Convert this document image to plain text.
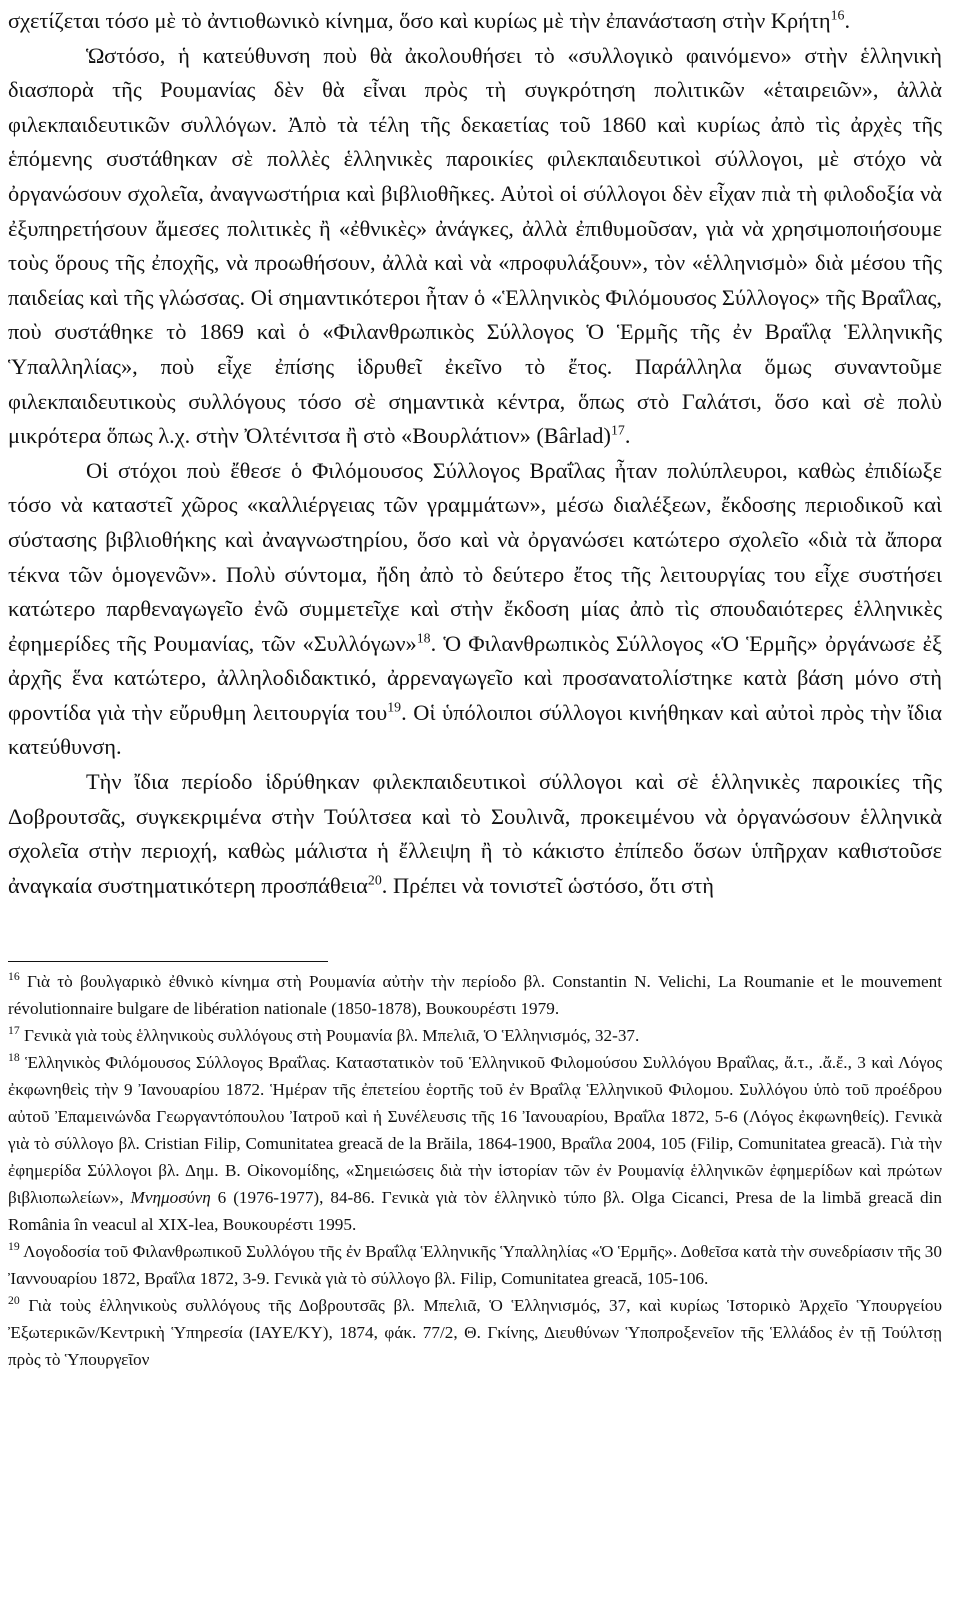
σχετίζεται τόσο μὲ τὸ ἀντιοθωνικὸ κίνημα, ὅσο καὶ κυρίως μὲ τὴν ἐπανάσταση στὴν Κρήτη$^{16}$.

Ὡστόσο, ἡ κατεύθυνση ποὺ θὰ ἀκολουθήσει τὸ «συλλογικὸ φαινόμενο» στὴν ἑλληνικὴ διασπορὰ τῆς Ρουμανίας δὲν θὰ εἶναι πρὸς τὴ συγκρότηση πολιτικῶν «ἑταιρειῶν», ἀλλὰ φιλεκπαιδευτικῶν συλλόγων. Ἀπὸ τὰ τέλη τῆς δεκαετίας τοῦ 1860 καὶ κυρίως ἀπὸ τὶς ἀρχὲς τῆς ἑπόμενης συστάθηκαν σὲ πολλὲς ἑλληνικὲς παροικίες φιλεκπαιδευτικοὶ σύλλογοι, μὲ στόχο νὰ ὀργανώσουν σχολεῖα, ἀναγνωστήρια καὶ βιβλιοθῆκες. Αὐτοὶ οἱ σύλλογοι δὲν εἶχαν πιὰ τὴ φιλοδοξία νὰ ἐξυπηρετήσουν ἄμεσες πολιτικὲς ἢ «ἐθνικὲς» ἀνάγκες, ἀλλὰ ἐπιθυμοῦσαν, γιὰ νὰ χρησιμοποιήσουμε τοὺς ὅρους τῆς ἐποχῆς, νὰ προωθήσουν, ἀλλὰ καὶ νὰ «προφυλάξουν», τὸν «ἑλληνισμὸ» διὰ μέσου τῆς παιδείας καὶ τῆς γλώσσας. Οἱ σημαντικότεροι ἦταν ὁ «Ἑλληνικὸς Φιλόμουσος Σύλλογος» τῆς Βραΐλας, ποὺ συστάθηκε τὸ 1869 καὶ ὁ «Φιλανθρωπικὸς Σύλλογος Ὁ Ἑρμῆς τῆς ἐν Βραΐλᾳ Ἑλληνικῆς Ὑπαλληλίας», ποὺ εἶχε ἐπίσης ἱδρυθεῖ ἐκεῖνο τὸ ἔτος. Παράλληλα ὅμως συναντοῦμε φιλεκπαιδευτικοὺς συλλόγους τόσο σὲ σημαντικὰ κέντρα, ὅπως στὸ Γαλάτσι, ὅσο καὶ σὲ πολὺ μικρότερα ὅπως λ.χ. στὴν Ὀλτένιτσα ἢ στὸ «Βουρλάτιον» (Bârlad)$^{17}$.

Οἱ στόχοι ποὺ ἔθεσε ὁ Φιλόμουσος Σύλλογος Βραΐλας ἦταν πολύπλευροι, καθὼς ἐπιδίωξε τόσο νὰ καταστεῖ χῶρος «καλλιέργειας τῶν γραμμάτων», μέσω διαλέξεων, ἔκδοσης περιοδικοῦ καὶ σύστασης βιβλιοθήκης καὶ ἀναγνωστηρίου, ὅσο καὶ νὰ ὀργανώσει κατώτερο σχολεῖο «διὰ τὰ ἄπορα τέκνα τῶν ὁμογενῶν». Πολὺ σύντομα, ἤδη ἀπὸ τὸ δεύτερο ἔτος τῆς λειτουργίας του εἶχε συστήσει κατώτερο παρθεναγωγεῖο ἐνῶ συμμετεῖχε καὶ στὴν ἔκδοση μίας ἀπὸ τὶς σπουδαιότερες ἑλληνικὲς ἐφημερίδες τῆς Ρουμανίας, τῶν «Συλλόγων»$^{18}$. Ὁ Φιλανθρωπικὸς Σύλλογος «Ὁ Ἑρμῆς» ὀργάνωσε ἐξ ἀρχῆς ἕνα κατώτερο, ἀλληλοδιδακτικό, ἀρρεναγωγεῖο καὶ προσανατολίστηκε κατὰ βάση μόνο στὴ φροντίδα γιὰ τὴν εὔρυθμη λειτουργία του$^{19}$. Οἱ ὑπόλοιποι σύλλογοι κινήθηκαν καὶ αὐτοὶ πρὸς τὴν ἴδια κατεύθυνση.

Τὴν ἴδια περίοδο ἱδρύθηκαν φιλεκπαιδευτικοὶ σύλλογοι καὶ σὲ ἑλληνικὲς παροικίες τῆς Δοβρουτσᾶς, συγκεκριμένα στὴν Τούλτσεα καὶ τὸ Σουλινᾶ, προκειμένου νὰ ὀργανώσουν ἑλληνικὰ σχολεῖα στὴν περιοχή, καθὼς μάλιστα ἡ ἔλλειψη ἢ τὸ κάκιστο ἐπίπεδο ὅσων ὑπῆρχαν καθιστοῦσε ἀναγκαία συστηματικότερη προσπάθεια$^{20}$. Πρέπει νὰ τονιστεῖ ὡστόσο, ὅτι στὴ

$^{16}$ Γιὰ τὸ βουλγαρικὸ ἐθνικὸ κίνημα στὴ Ρουμανία αὐτὴν τὴν περίοδο βλ. Constantin N. Velichi, La Roumanie et le mouvement révolutionnaire bulgare de libération nationale (1850-1878), Βουκουρέστι 1979.

$^{17}$ Γενικὰ γιὰ τοὺς ἑλληνικοὺς συλλόγους στὴ Ρουμανία βλ. Μπελιᾶ, Ὁ Ἑλληνισμός, 32-37.

$^{18}$ Ἑλληνικὸς Φιλόμουσος Σύλλογος Βραΐλας. Καταστατικὸν τοῦ Ἑλληνικοῦ Φιλομούσου Συλλόγου Βραΐλας, ἄ.τ., .ἄ.ἔ., 3 καὶ Λόγος ἐκφωνηθεὶς τὴν 9 Ἰανουαρίου 1872. Ἡμέραν τῆς ἐπετείου ἑορτῆς τοῦ ἐν Βραΐλᾳ Ἑλληνικοῦ Φιλομου. Συλλόγου ὑπὸ τοῦ προέδρου αὐτοῦ Ἐπαμεινώνδα Γεωργαντόπουλου Ἰατροῦ καὶ ἡ Συνέλευσις τῆς 16 Ἰανουαρίου, Βραΐλα 1872, 5-6 (Λόγος ἐκφωνηθείς). Γενικὰ γιὰ τὸ σύλλογο βλ. Cristian Filip, Comunitatea greacă de la Brăila, 1864-1900, Βραΐλα 2004, 105 (Filip, Comunitatea greacă). Γιὰ τὴν ἐφημερίδα Σύλλογοι βλ. Δημ. Β. Οἰκονομίδης, «Σημειώσεις διὰ τὴν ἱστορίαν τῶν ἐν Ρουμανίᾳ ἑλληνικῶν ἐφημερίδων καὶ πρώτων βιβλιοπωλείων», Μνημοσύνη 6 (1976-1977), 84-86. Γενικὰ γιὰ τὸν ἑλληνικὸ τύπο βλ. Olga Cicanci, Presa de la limbă greacă din România în veacul al XIX-lea, Βουκουρέστι 1995.

$^{19}$ Λογοδοσία τοῦ Φιλανθρωπικοῦ Συλλόγου τῆς ἐν Βραΐλᾳ Ἑλληνικῆς Ὑπαλληλίας «Ὁ Ἑρμῆς». Δοθεῖσα κατὰ τὴν συνεδρίασιν τῆς 30 Ἰαννουαρίου 1872, Βραΐλα 1872, 3-9. Γενικὰ γιὰ τὸ σύλλογο βλ. Filip, Comunitatea greacă, 105-106.

$^{20}$ Γιὰ τοὺς ἑλληνικοὺς συλλόγους τῆς Δοβρουτσᾶς βλ. Μπελιᾶ, Ὁ Ἑλληνισμός, 37, καὶ κυρίως Ἱστορικὸ Ἀρχεῖο Ὑπουργείου Ἐξωτερικῶν/Κεντρικὴ Ὑπηρεσία (ΙΑΥΕ/ΚΥ), 1874, φάκ. 77/2, Θ. Γκίνης, Διευθύνων Ὑποπροξενεῖον τῆς Ἑλλάδος ἐν τῇ Τούλτσῃ πρὸς τὸ Ὑπουργεῖον
